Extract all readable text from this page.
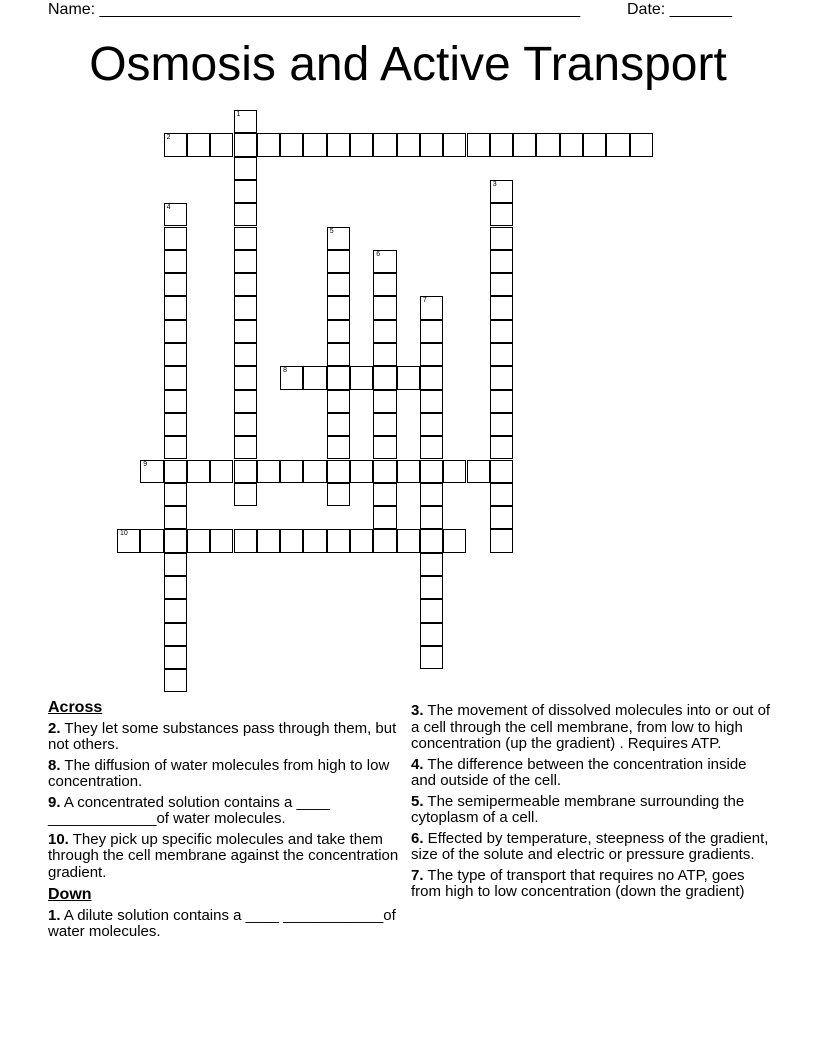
Name: ______________________________________________________	Date: _______
Osmosis and Active Transport
1
2
3
4
5
6
7
8
9
10
Across
2. They let some substances pass through them, but not others.
8. The diffusion of water molecules from high to low concentration.
9. A concentrated solution contains a ____ _____________of water molecules.
10. They pick up specific molecules and take them through the cell membrane against the concentration gradient.
Down
1. A dilute solution contains a ____ ____________of water molecules.
3. The movement of dissolved molecules into or out of a cell through the cell membrane, from low to high concentration (up the gradient) . Requires ATP.
4. The difference between the concentration inside and outside of the cell.
5. The semipermeable membrane surrounding the cytoplasm of a cell.
6. Effected by temperature, steepness of the gradient, size of the solute and electric or pressure gradients.
7. The type of transport that requires no ATP, goes from high to low concentration (down the gradient)
